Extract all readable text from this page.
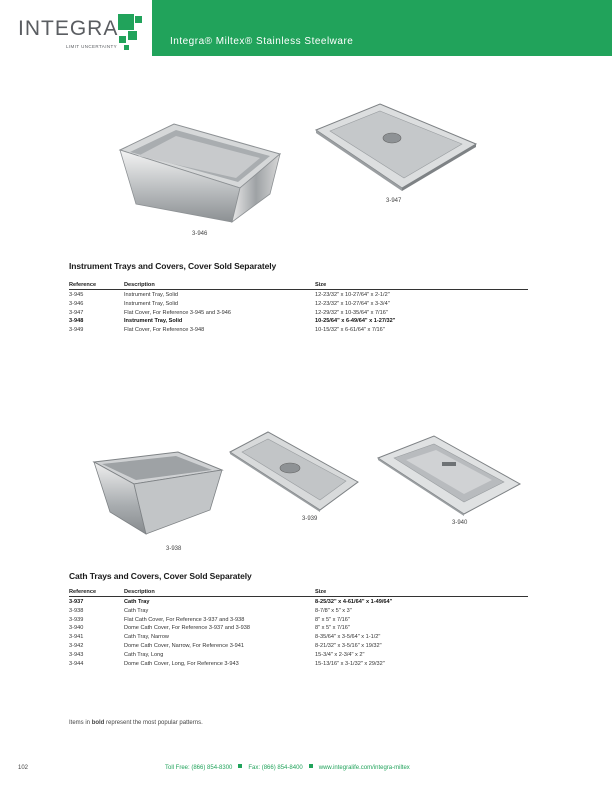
INTEGRA
LIMIT UNCERTAINTY	Integra® Miltex® Stainless Steelware
3-946
3-947
Instrument Trays and Covers, Cover Sold Separately
Reference	Description	Size
3-945	Instrument Tray, Solid	12-23/32" x 10-27/64" x 2-1/2"
3-946	Instrument Tray, Solid	12-23/32" x 10-27/64" x 3-3/4"
3-947	Flat Cover, For Reference 3-945 and 3-946	12-29/32" x 10-35/64" x 7/16"
3-948	Instrument Tray, Solid	10-25/64" x 6-49/64" x 1-27/32"
3-949	Flat Cover, For Reference 3-948	10-15/32" x 6-61/64" x 7/16"
3-938
3-939
3-940
Cath Trays and Covers, Cover Sold Separately
Reference	Description	Size
3-937	Cath Tray	8-25/32" x 4-61/64" x 1-49/64"
3-938	Cath Tray	8-7/8" x 5" x 3"
3-939	Flat Cath Cover, For Reference 3-937 and 3-938	8" x 5" x 7/16"
3-940	Dome Cath Cover, For Reference 3-937 and 3-938	8" x 5" x 7/16"
3-941	Cath Tray, Narrow	8-35/64" x 3-5/64" x 1-1/2"
3-942	Dome Cath Cover, Narrow, For Reference 3-941	8-21/32" x 3-5/16" x 19/32"
3-943	Cath Tray, Long	15-3/4" x 2-3/4" x 2"
3-944	Dome Cath Cover, Long, For Reference 3-943	15-13/16" x 3-1/32" x 29/32"
Items in bold represent the most popular patterns.
102	Toll Free: (866) 854-8300	Fax: (866) 854-8400	www.integralife.com/integra-miltex
